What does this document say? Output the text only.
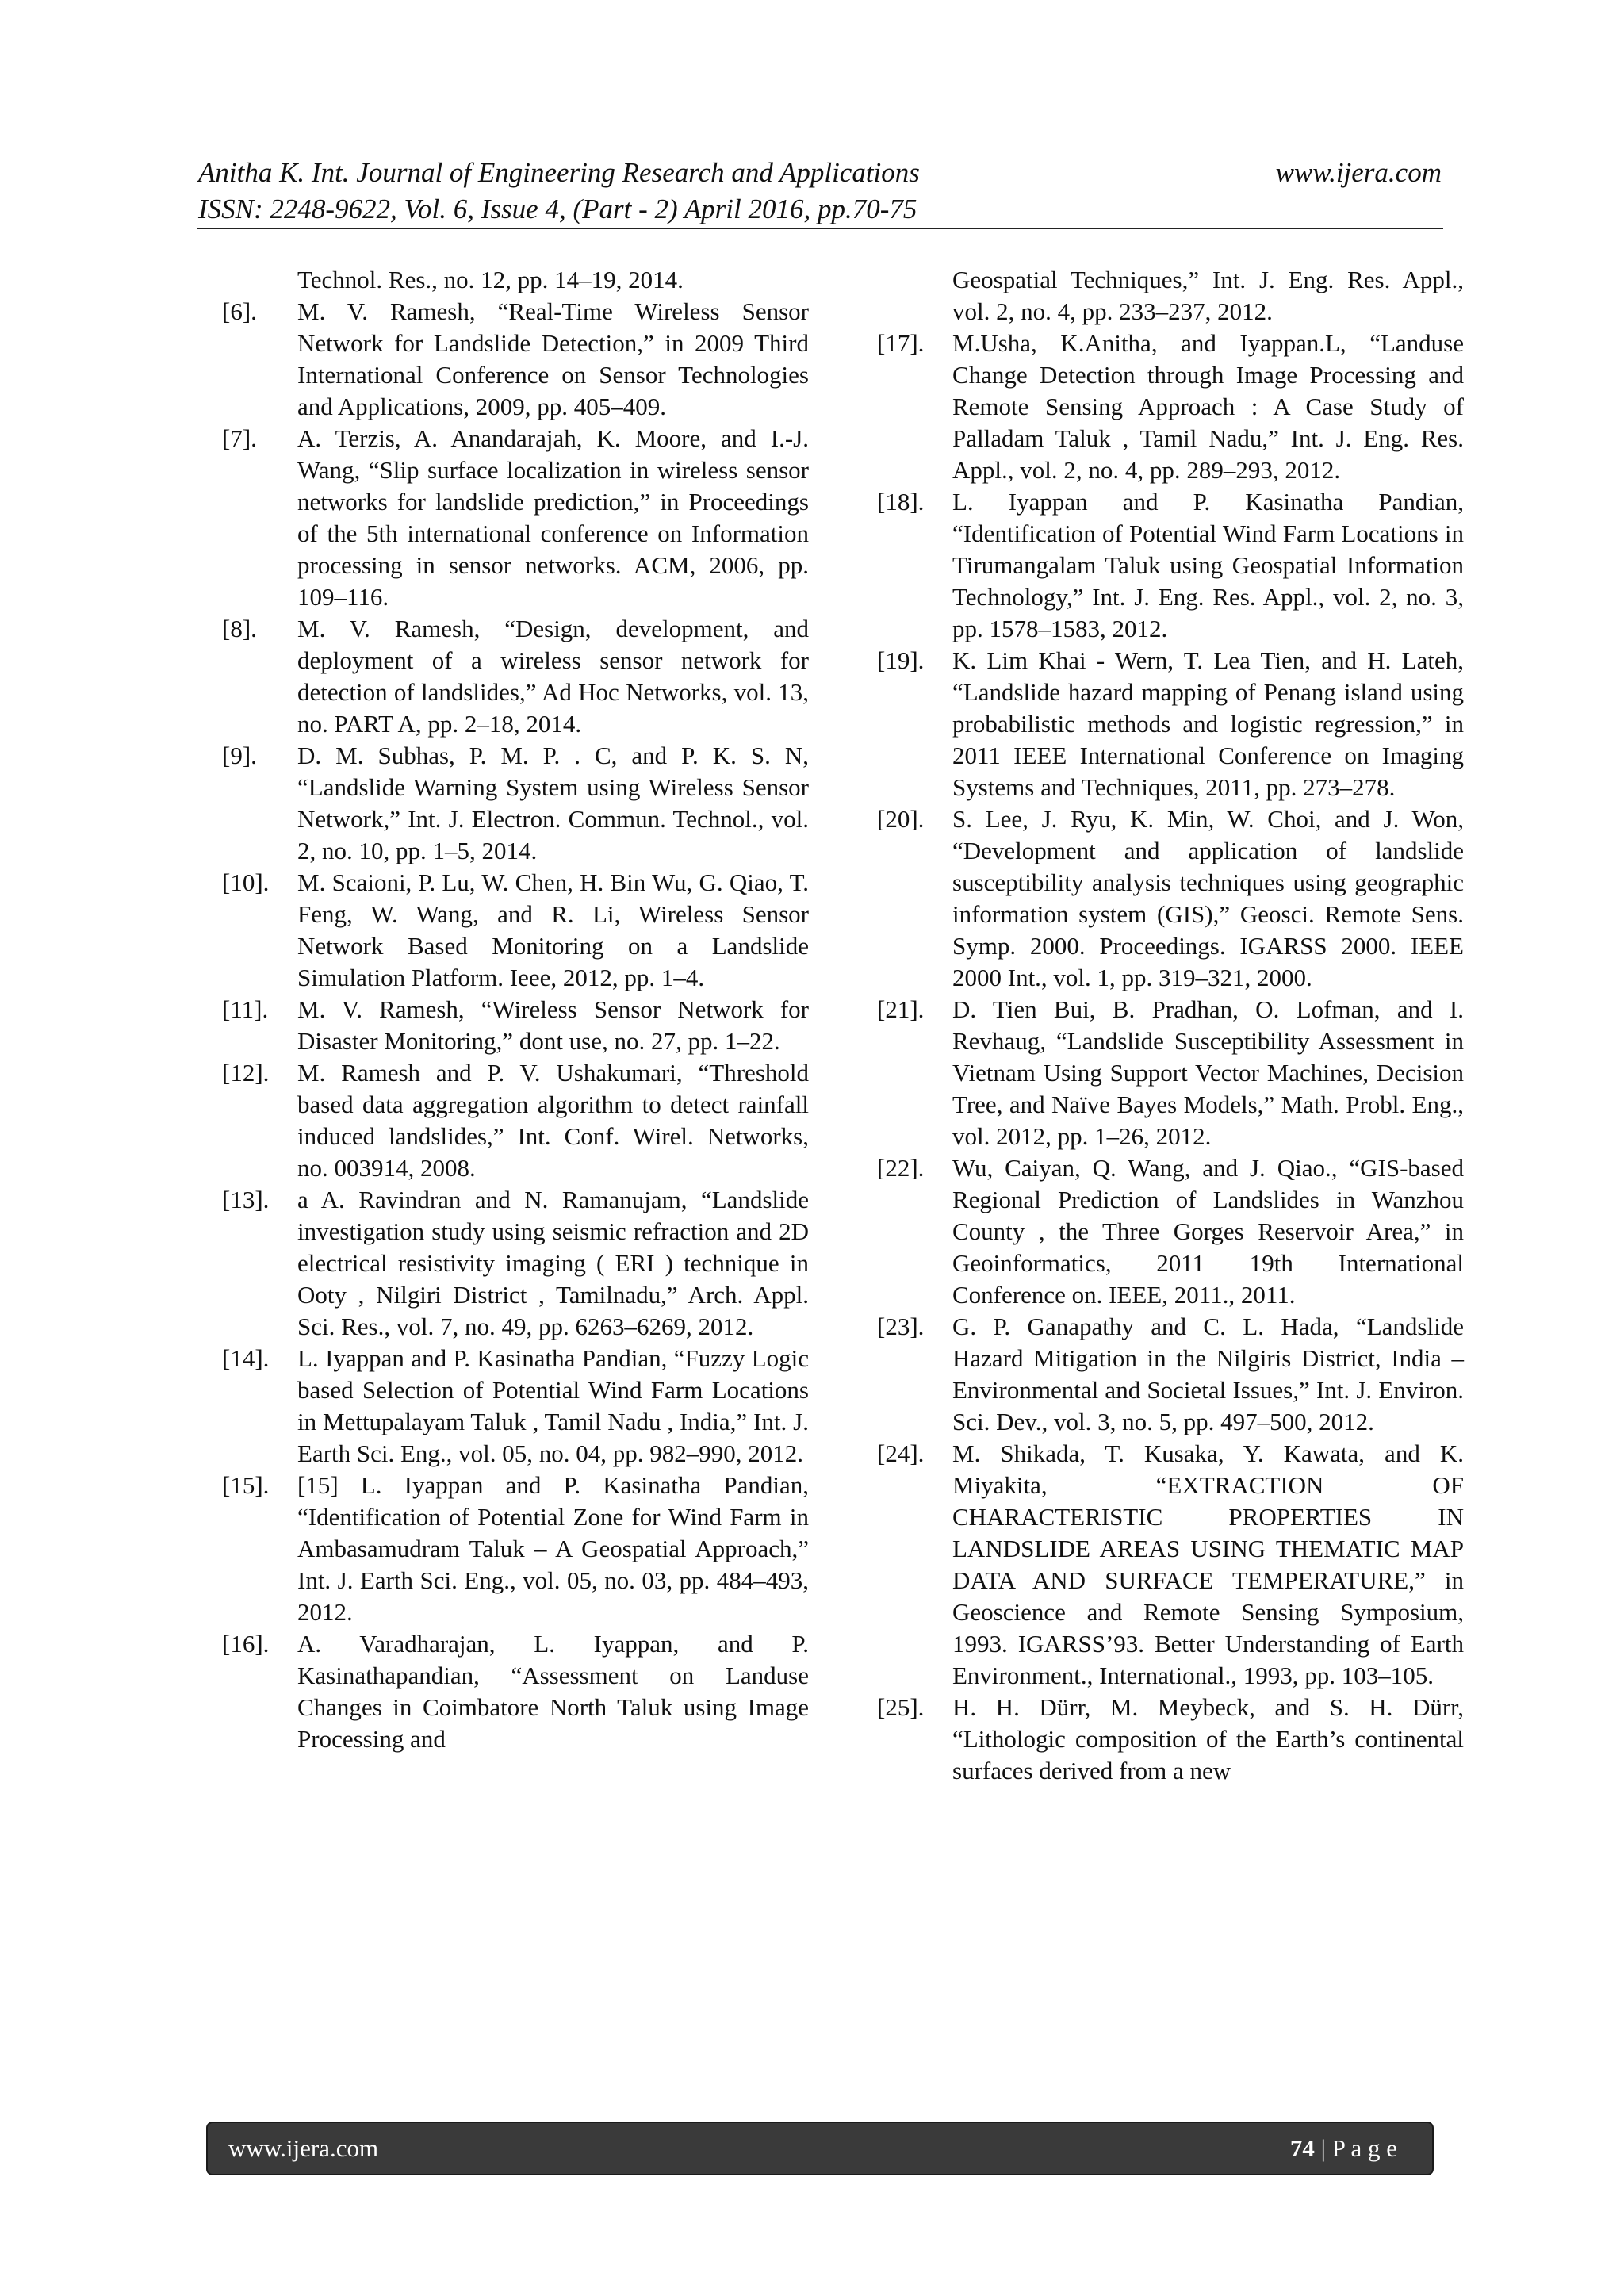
Anitha K. Int. Journal of Engineering Research and Applications	www.ijera.com
ISSN: 2248-9622, Vol. 6, Issue 4, (Part - 2) April 2016, pp.70-75
Technol. Res., no. 12, pp. 14–19, 2014.
[6].	M. V. Ramesh, “Real-Time Wireless Sensor Network for Landslide Detection,” in 2009 Third International Conference on Sensor Technologies and Applications, 2009, pp. 405–409.
[7].	A. Terzis, A. Anandarajah, K. Moore, and I.-J. Wang, “Slip surface localization in wireless sensor networks for landslide prediction,” in Proceedings of the 5th international conference on Information processing in sensor networks. ACM, 2006, pp. 109–116.
[8].	M. V. Ramesh, “Design, development, and deployment of a wireless sensor network for detection of landslides,” Ad Hoc Networks, vol. 13, no. PART A, pp. 2–18, 2014.
[9].	D. M. Subhas, P. M. P. . C, and P. K. S. N, “Landslide Warning System using Wireless Sensor Network,” Int. J. Electron. Commun. Technol., vol. 2, no. 10, pp. 1–5, 2014.
[10].	M. Scaioni, P. Lu, W. Chen, H. Bin Wu, G. Qiao, T. Feng, W. Wang, and R. Li, Wireless Sensor Network Based Monitoring on a Landslide Simulation Platform. Ieee, 2012, pp. 1–4.
[11].	M. V. Ramesh, “Wireless Sensor Network for Disaster Monitoring,” dont use, no. 27, pp. 1–22.
[12].	M. Ramesh and P. V. Ushakumari, “Threshold based data aggregation algorithm to detect rainfall induced landslides,” Int. Conf. Wirel. Networks, no. 003914, 2008.
[13].	a A. Ravindran and N. Ramanujam, “Landslide investigation study using seismic refraction and 2D electrical resistivity imaging ( ERI ) technique in Ooty , Nilgiri District , Tamilnadu,” Arch. Appl. Sci. Res., vol. 7, no. 49, pp. 6263–6269, 2012.
[14].	L. Iyappan and P. Kasinatha Pandian, “Fuzzy Logic based Selection of Potential Wind Farm Locations in Mettupalayam Taluk , Tamil Nadu , India,” Int. J. Earth Sci. Eng., vol. 05, no. 04, pp. 982–990, 2012.
[15].	[15] L. Iyappan and P. Kasinatha Pandian, “Identification of Potential Zone for Wind Farm in Ambasamudram Taluk – A Geospatial Approach,” Int. J. Earth Sci. Eng., vol. 05, no. 03, pp. 484–493, 2012.
[16].	A. Varadharajan, L. Iyappan, and P. Kasinathapandian, “Assessment on Landuse Changes in Coimbatore North Taluk using Image Processing and
Geospatial Techniques,” Int. J. Eng. Res. Appl., vol. 2, no. 4, pp. 233–237, 2012.
[17].	M.Usha, K.Anitha, and Iyappan.L, “Landuse Change Detection through Image Processing and Remote Sensing Approach : A Case Study of Palladam Taluk , Tamil Nadu,” Int. J. Eng. Res. Appl., vol. 2, no. 4, pp. 289–293, 2012.
[18].	L. Iyappan and P. Kasinatha Pandian, “Identification of Potential Wind Farm Locations in Tirumangalam Taluk using Geospatial Information Technology,” Int. J. Eng. Res. Appl., vol. 2, no. 3, pp. 1578–1583, 2012.
[19].	K. Lim Khai - Wern, T. Lea Tien, and H. Lateh, “Landslide hazard mapping of Penang island using probabilistic methods and logistic regression,” in 2011 IEEE International Conference on Imaging Systems and Techniques, 2011, pp. 273–278.
[20].	S. Lee, J. Ryu, K. Min, W. Choi, and J. Won, “Development and application of landslide susceptibility analysis techniques using geographic information system (GIS),” Geosci. Remote Sens. Symp. 2000. Proceedings. IGARSS 2000. IEEE 2000 Int., vol. 1, pp. 319–321, 2000.
[21].	D. Tien Bui, B. Pradhan, O. Lofman, and I. Revhaug, “Landslide Susceptibility Assessment in Vietnam Using Support Vector Machines, Decision Tree, and Naïve Bayes Models,” Math. Probl. Eng., vol. 2012, pp. 1–26, 2012.
[22].	Wu, Caiyan, Q. Wang, and J. Qiao., “GIS-based Regional Prediction of Landslides in Wanzhou County , the Three Gorges Reservoir Area,” in Geoinformatics, 2011 19th International Conference on. IEEE, 2011., 2011.
[23].	G. P. Ganapathy and C. L. Hada, “Landslide Hazard Mitigation in the Nilgiris District, India – Environmental and Societal Issues,” Int. J. Environ. Sci. Dev., vol. 3, no. 5, pp. 497–500, 2012.
[24].	M. Shikada, T. Kusaka, Y. Kawata, and K. Miyakita, “EXTRACTION OF CHARACTERISTIC PROPERTIES IN LANDSLIDE AREAS USING THEMATIC MAP DATA AND SURFACE TEMPERATURE,” in Geoscience and Remote Sensing Symposium, 1993. IGARSS’93. Better Understanding of Earth Environment., International., 1993, pp. 103–105.
[25].	H. H. Dürr, M. Meybeck, and S. H. Dürr, “Lithologic composition of the Earth’s continental surfaces derived from a new
www.ijera.com	74 | P a g e
